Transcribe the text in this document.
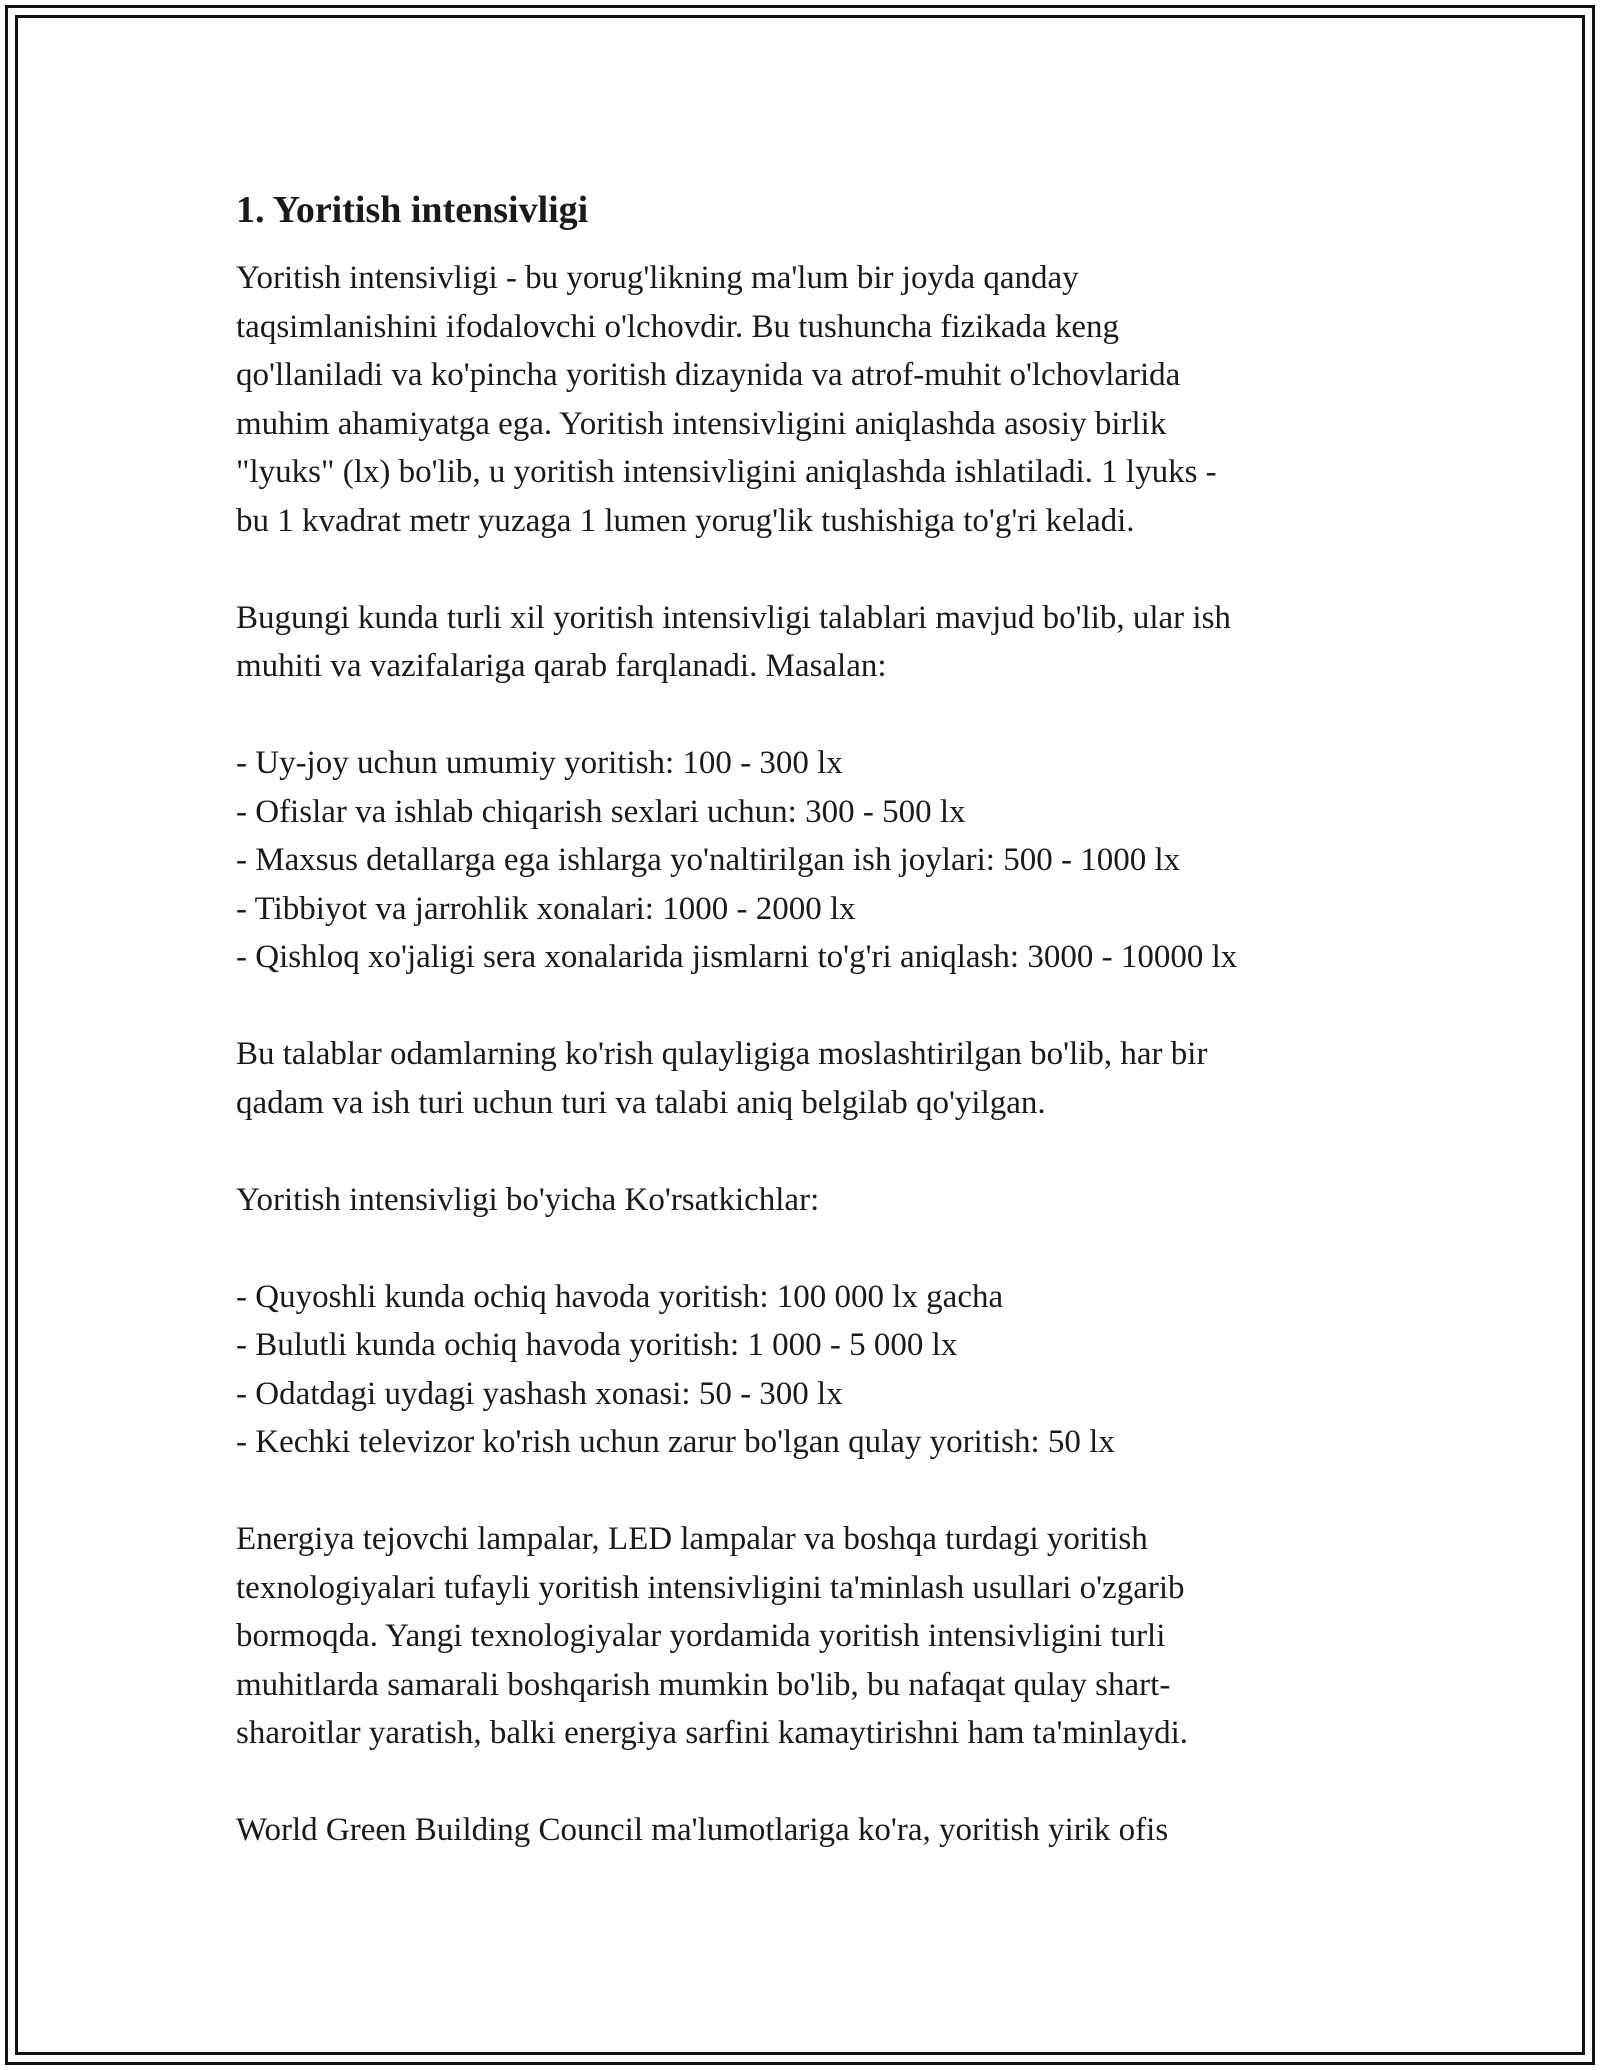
1. Yoritish intensivligi

Yoritish intensivligi - bu yorug'likning ma'lum bir joyda qanday

taqsimlanishini ifodalovchi o'lchovdir. Bu tushuncha fizikada keng

qo'llaniladi va ko'pincha yoritish dizaynida va atrof-muhit o'lchovlarida

muhim ahamiyatga ega. Yoritish intensivligini aniqlashda asosiy birlik

"lyuks" (lx) bo'lib, u yoritish intensivligini aniqlashda ishlatiladi. 1 lyuks -

bu 1 kvadrat metr yuzaga 1 lumen yorug'lik tushishiga to'g'ri keladi.

Bugungi kunda turli xil yoritish intensivligi talablari mavjud bo'lib, ular ish

muhiti va vazifalariga qarab farqlanadi. Masalan:

- Uy-joy uchun umumiy yoritish: 100 - 300 lx

- Ofislar va ishlab chiqarish sexlari uchun: 300 - 500 lx

- Maxsus detallarga ega ishlarga yo'naltirilgan ish joylari: 500 - 1000 lx

- Tibbiyot va jarrohlik xonalari: 1000 - 2000 lx

- Qishloq xo'jaligi sera xonalarida jismlarni to'g'ri aniqlash: 3000 - 10000 lx

Bu talablar odamlarning ko'rish qulayligiga moslashtirilgan bo'lib, har bir

qadam va ish turi uchun turi va talabi aniq belgilab qo'yilgan.

Yoritish intensivligi bo'yicha Ko'rsatkichlar:

- Quyoshli kunda ochiq havoda yoritish: 100 000 lx gacha

- Bulutli kunda ochiq havoda yoritish: 1 000 - 5 000 lx

- Odatdagi uydagi yashash xonasi: 50 - 300 lx

- Kechki televizor ko'rish uchun zarur bo'lgan qulay yoritish: 50 lx

Energiya tejovchi lampalar, LED lampalar va boshqa turdagi yoritish

texnologiyalari tufayli yoritish intensivligini ta'minlash usullari o'zgarib

bormoqda. Yangi texnologiyalar yordamida yoritish intensivligini turli

muhitlarda samarali boshqarish mumkin bo'lib, bu nafaqat qulay shart-

sharoitlar yaratish, balki energiya sarfini kamaytirishni ham ta'minlaydi.

World Green Building Council ma'lumotlariga ko'ra, yoritish yirik ofis
